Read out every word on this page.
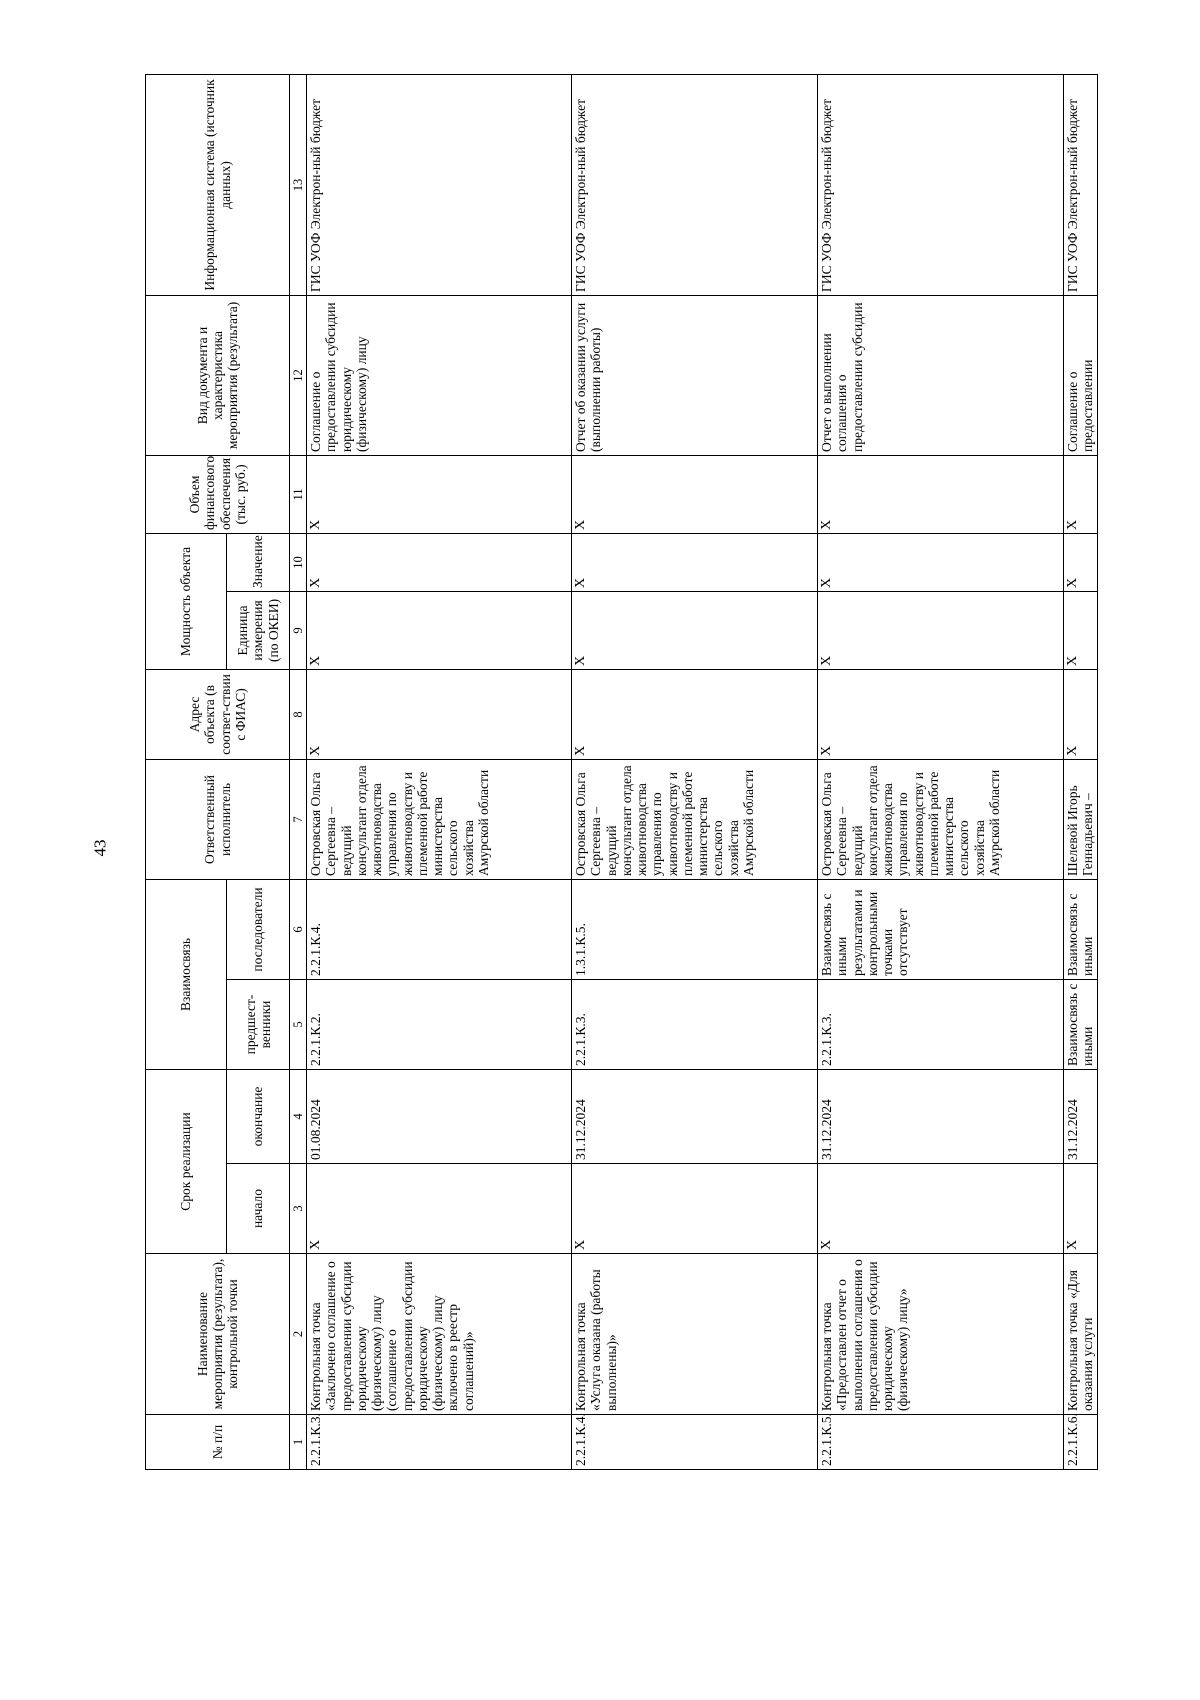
43
№ п/п	Наименование мероприятия (результата), контрольной точки	Срок реализации		Взаимосвязь		Ответственный исполнитель	Адрес объекта (в соответ-ствии с ФИАС)	Мощность объекта		Объем финансового обеспечения (тыс. руб.)	Вид документа и характеристика мероприятия (результата)	Информационная система (источник данных)
		начало	окончание	предшест-венники	последователи			Единица измерения (по ОКЕИ)	Значение			
1	2	3	4	5	6	7	8	9	10	11	12	13
2.2.1.К.3.	Контрольная точка «Заключено соглашение о предоставлении субсидии юридическому (физическому) лицу (соглашение о предоставлении субсидии юридическому (физическому) лицу включено в реестр соглашений)»	X	01.08.2024	2.2.1.К.2.	2.2.1.К.4.	Островская Ольга Сергеевна – ведущий консультант отдела животноводства управления по животноводству и племенной работе министерства сельского хозяйства Амурской области	X	X	X	X	Соглашение о предоставлении субсидии юридическому (физическому) лицу	ГИС УОФ Электрон-ный бюджет
2.2.1.К.4.	Контрольная точка «Услуга оказана (работы выполнены)»	X	31.12.2024	2.2.1.К.3.	1.3.1.К.5.	Островская Ольга Сергеевна – ведущий консультант отдела животноводства управления по животноводству и племенной работе министерства сельского хозяйства Амурской области	X	X	X	X	Отчет об оказании услуги (выполнении работы)	ГИС УОФ Электрон-ный бюджет
2.2.1.К.5.	Контрольная точка «Предоставлен отчет о выполнении соглашения о предоставлении субсидии юридическому (физическому) лицу»	X	31.12.2024	2.2.1.К.3.	Взаимосвязь с иными результатами и контрольными точками отсутствует	Островская Ольга Сергеевна – ведущий консультант отдела животноводства управления по животноводству и племенной работе министерства сельского хозяйства Амурской области	X	X	X	X	Отчет о выполнении соглашения о предоставлении субсидии	ГИС УОФ Электрон-ный бюджет
2.2.1.К.6.	Контрольная точка «Для оказания услуги	X	31.12.2024	Взаимосвязь с иными	Взаимосвязь с иными	Шелевой Игорь Геннадьевич –	X	X	X	X	Соглашение о предоставлении	ГИС УОФ Электрон-ный бюджет
